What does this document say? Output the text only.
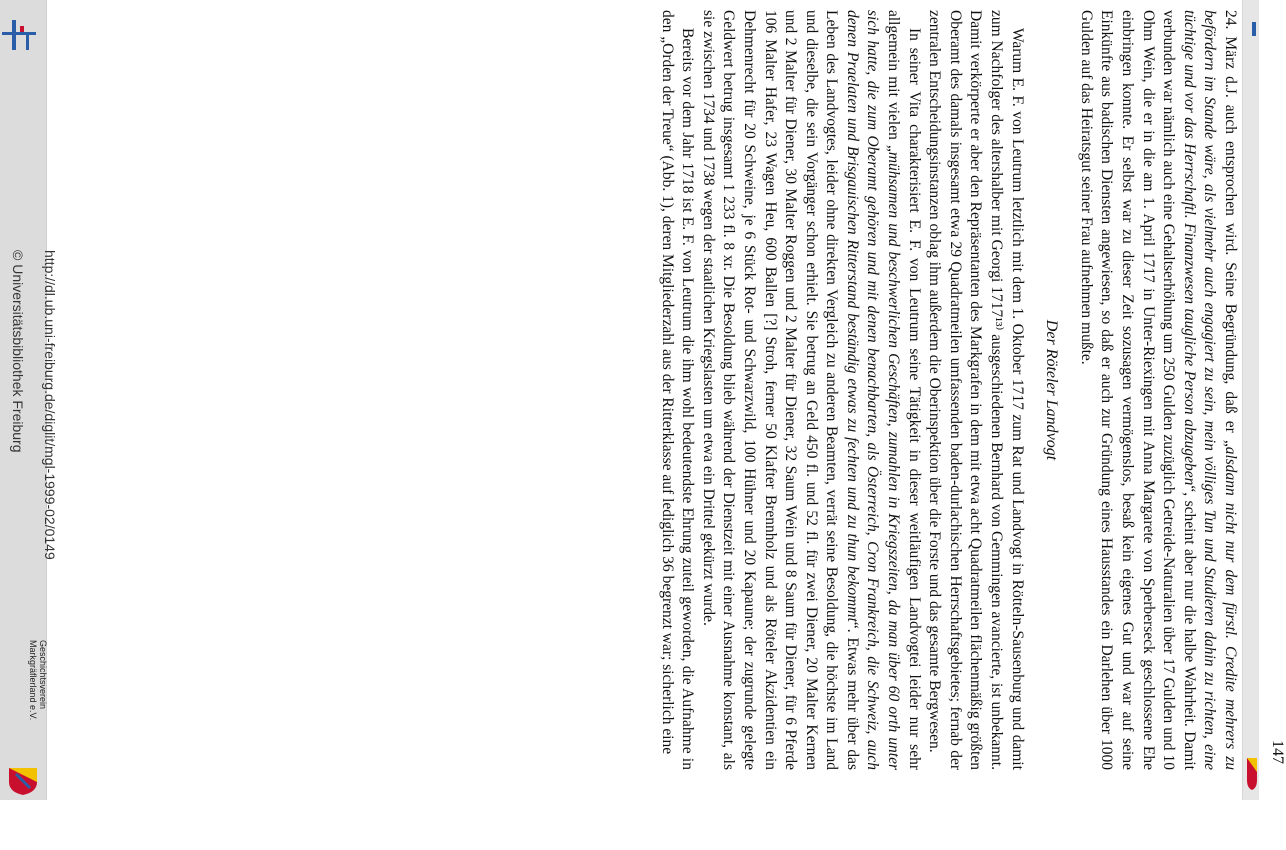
http://dl.ub.uni-freiburg.de/diglit/mgl-1999-02/0149
© Universitätsbibliothek Freiburg
Geschichtsverein
Markgräflerland e.V.

24. März d.J. auch entsprochen wird. Seine Begründung, daß er „alsdann nicht nur dem fürstl. Credite mehrers zu befördern im Stande wäre, als vielmehr auch engagiert zu sein, mein völliges Tun und Studieren dahin zu richten, eine tüchtige und vor das Herrschaftl. Finanzwesen taugliche Person abzugeben“, scheint aber nur die halbe Wahrheit. Damit verbunden war nämlich auch eine Gehaltserhöhung um 250 Gulden zuzüglich Getreide-Naturalien über 17 Gulden und 10 Ohm Wein, die er in die am 1. April 1717 in Unter-Riexingen mit Anna Margarete von Sperberseck geschlossene Ehe einbringen konnte. Er selbst war zu dieser Zeit sozusagen vermögenslos, besaß kein eigenes Gut und war auf seine Einkünfte aus badischen Diensten angewiesen, so daß er auch zur Gründung eines Hausstandes ein Darlehen über 1000 Gulden auf das Heiratsgut seiner Frau aufnehmen mußte.

Der Röteler Landvogt

Warum E. F. von Leutrum letztlich mit dem 1. Oktober 1717 zum Rat und Landvogt in Rötteln-Sausenburg und damit zum Nachfolger des altershalber mit Georgi 1717¹³⁾ ausgeschiedenen Bernhard von Gemmingen avancierte, ist unbekannt. Damit verkörperte er aber den Repräsentanten des Markgrafen in dem mit etwa acht Quadratmeilen flächenmäßig größten Oberamt des damals insgesamt etwa 29 Quadratmeilen umfassenden baden-durlachischen Herrschaftsgebietes; fernab der zentralen Entscheidungsinstanzen oblag ihm außerdem die Oberinspektion über die Forste und das gesamte Bergwesen.

In seiner Vita charakterisiert E. F. von Leutrum seine Tätigkeit in dieser weitläufigen Landvogtei leider nur sehr allgemein mit vielen „mühsamen und beschwerlichen Geschäften, zumahlen in Kriegszeiten, da man über 60 orth unter sich hatte, die zum Oberamt gehören und mit denen benachbarten, als Österreich, Cron Frankreich, die Schweiz, auch denen Praelaten und Brisgauischen Ritterstand beständig etwas zu fechten und zu thun bekommt“. Etwas mehr über das Leben des Landvogtes, leider ohne direkten Vergleich zu anderen Beamten, verrät seine Besoldung, die höchste im Land und dieselbe, die sein Vorgänger schon erhielt. Sie betrug an Geld 450 fl. und 52 fl. für zwei Diener, 20 Malter Kernen und 2 Malter für Diener, 30 Malter Roggen und 2 Malter für Diener, 32 Saum Wein und 8 Saum für Diener, für 6 Pferde 106 Malter Hafer, 23 Wagen Heu, 600 Ballen [?] Stroh, ferner 50 Klafter Brennholz und als Röteler Akzidentien ein Dehmenrecht für 20 Schweine, je 6 Stück Rot- und Schwarzwild, 100 Hühner und 20 Kapaune; der zugrunde gelegte Geldwert betrug insgesamt 1 233 fl. 8 xr. Die Besoldung blieb während der Dienstzeit mit einer Ausnahme konstant, als sie zwischen 1734 und 1738 wegen der staatlichen Kriegslasten um etwa ein Drittel gekürzt wurde.

Bereits vor dem Jahr 1718 ist E. F. von Leutrum die ihm wohl bedeutendste Ehrung zuteil geworden, die Aufnahme in den „Orden der Treue“ (Abb. 1), deren Mitgliederzahl aus der Ritterklasse auf lediglich 36 begrenzt war; sicherlich eine	147
